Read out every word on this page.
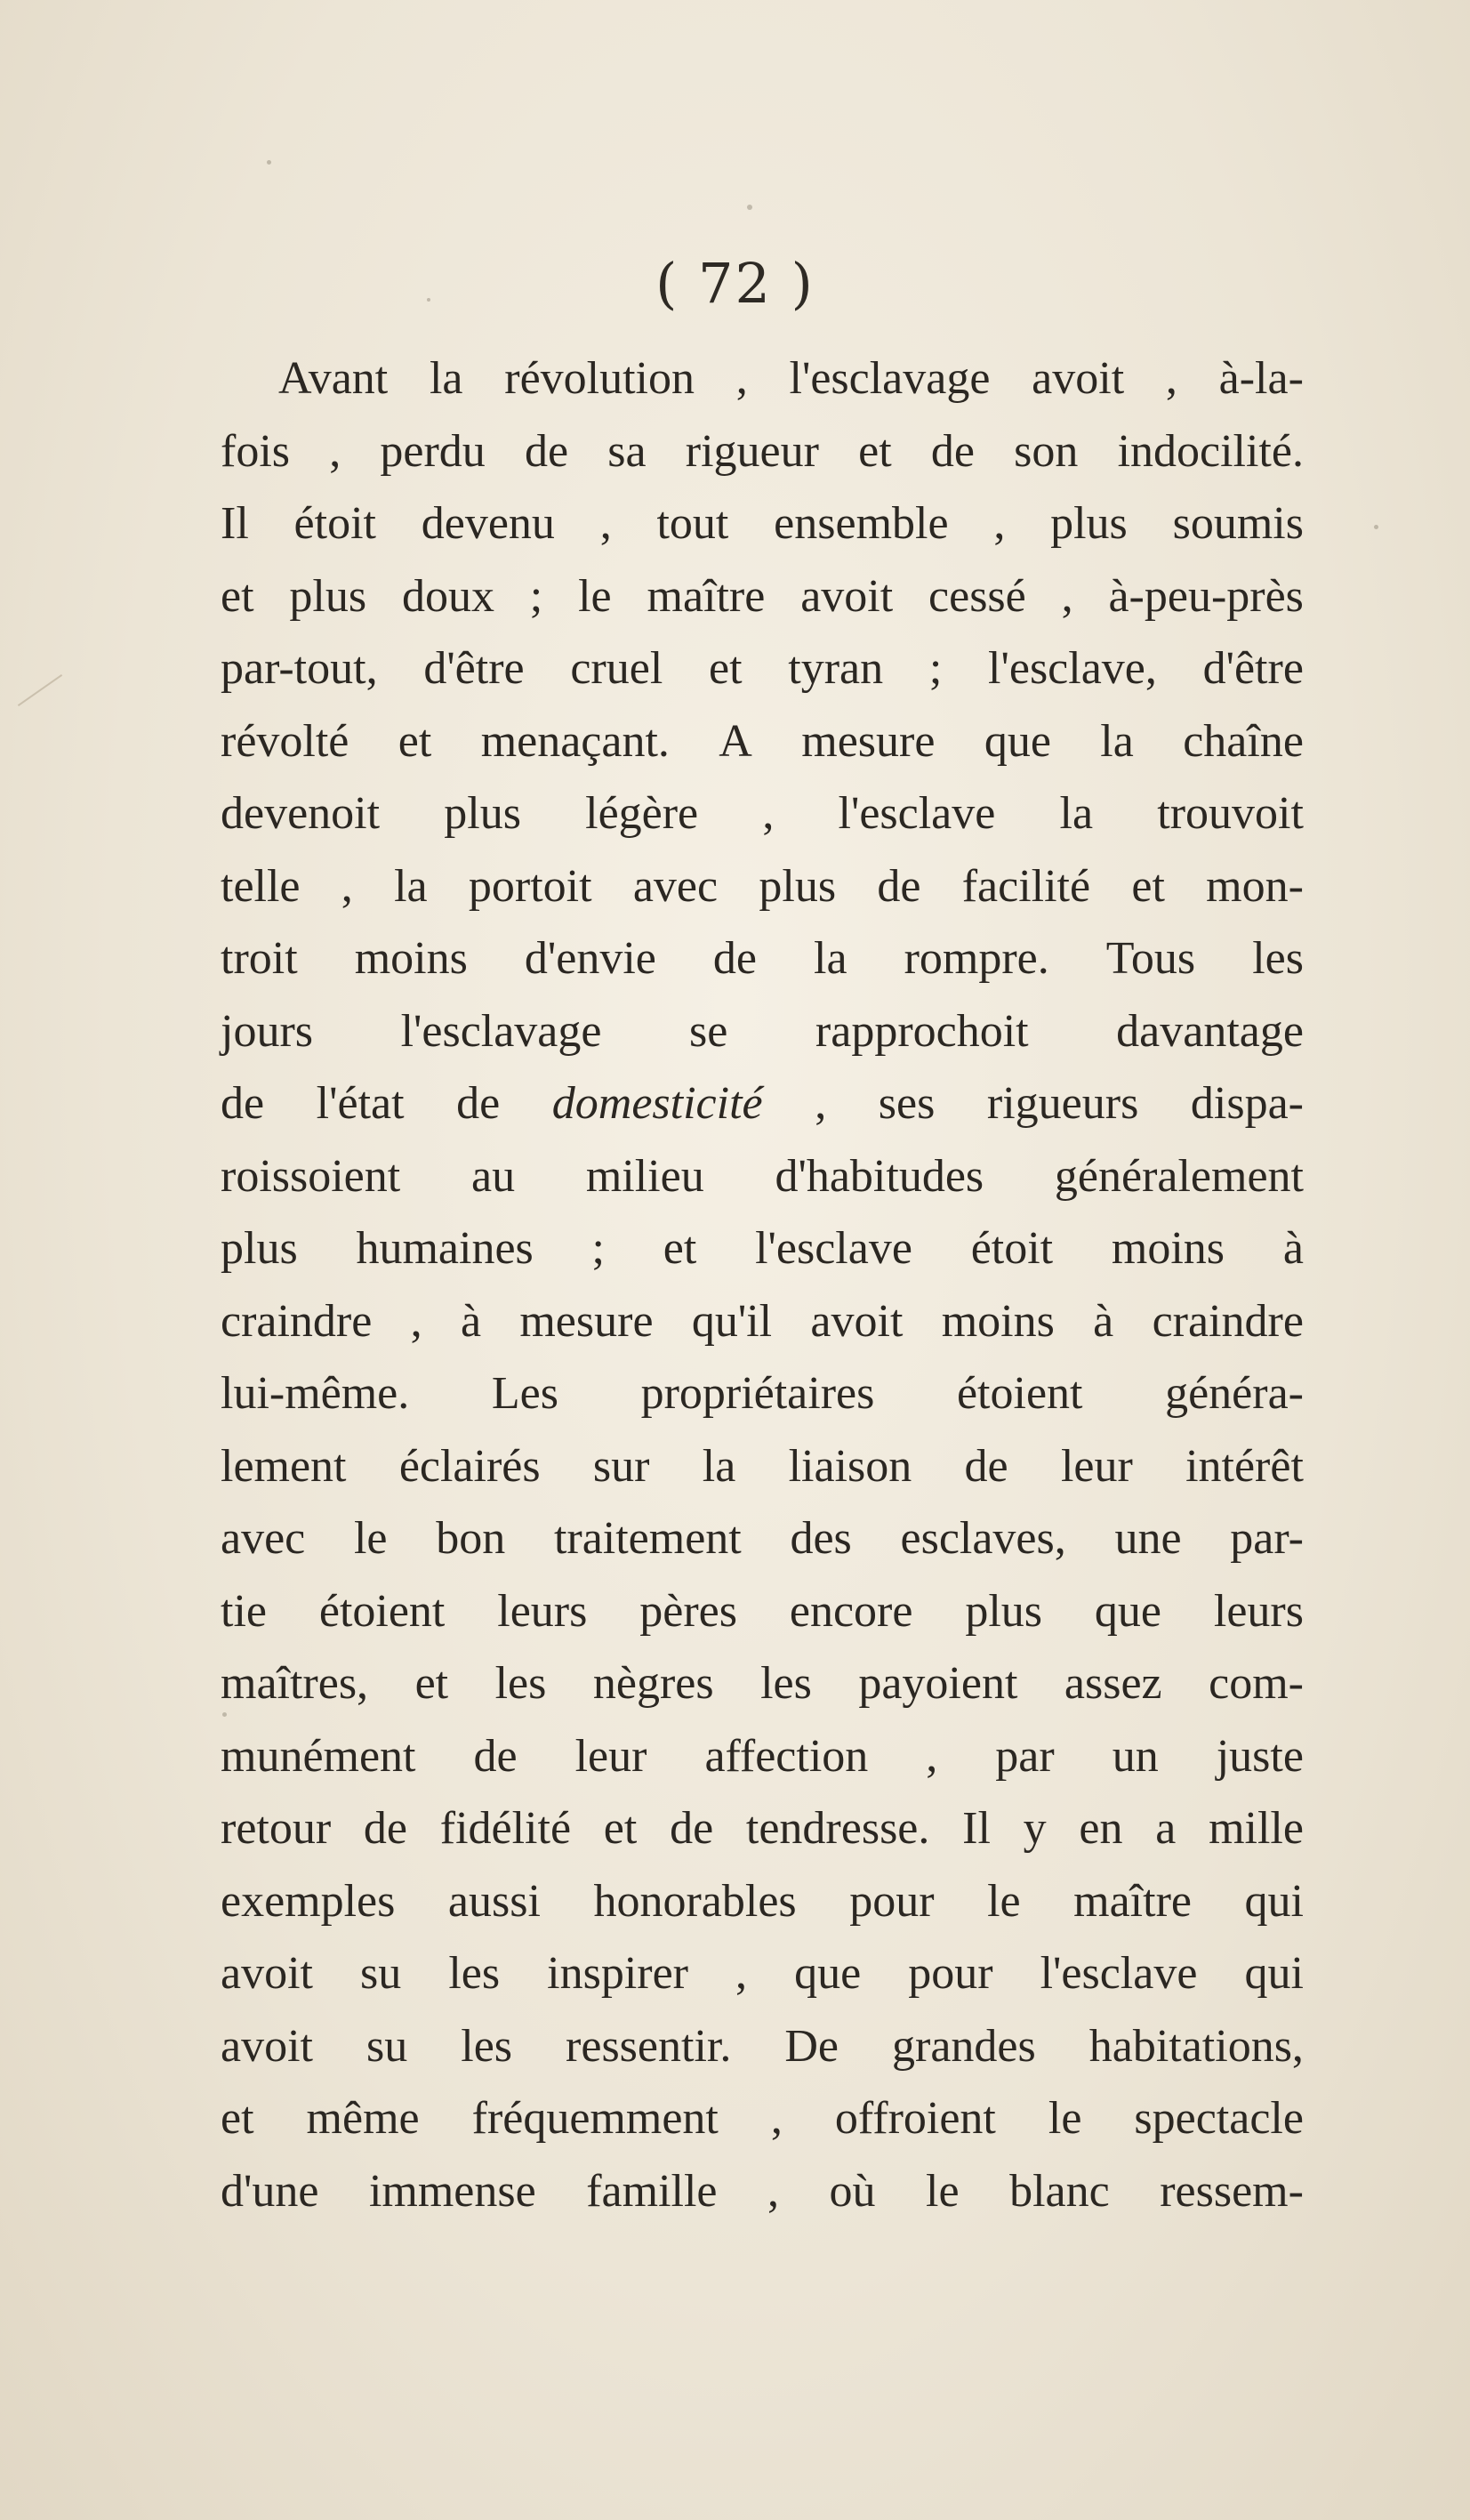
( 72 )
Avant la révolution , l'esclavage avoit , à-la-
fois , perdu de sa rigueur et de son indocilité.
Il étoit devenu , tout ensemble , plus soumis
et plus doux ; le maître avoit cessé , à-peu-près
par-tout, d'être cruel et tyran ; l'esclave, d'être
révolté et menaçant. A mesure que la chaîne
devenoit plus légère , l'esclave la trouvoit
telle , la portoit avec plus de facilité et mon-
troit moins d'envie de la rompre. Tous les
jours l'esclavage se rapprochoit davantage
de l'état de domesticité , ses rigueurs dispa-
roissoient au milieu d'habitudes généralement
plus humaines ; et l'esclave étoit moins à
craindre , à mesure qu'il avoit moins à craindre
lui-même. Les propriétaires étoient généra-
lement éclairés sur la liaison de leur intérêt
avec le bon traitement des esclaves, une par-
tie étoient leurs pères encore plus que leurs
maîtres, et les nègres les payoient assez com-
munément de leur affection , par un juste
retour de fidélité et de tendresse. Il y en a mille
exemples aussi honorables pour le maître qui
avoit su les inspirer , que pour l'esclave qui
avoit su les ressentir. De grandes habitations,
et même fréquemment , offroient le spectacle
d'une immense famille , où le blanc ressem-
